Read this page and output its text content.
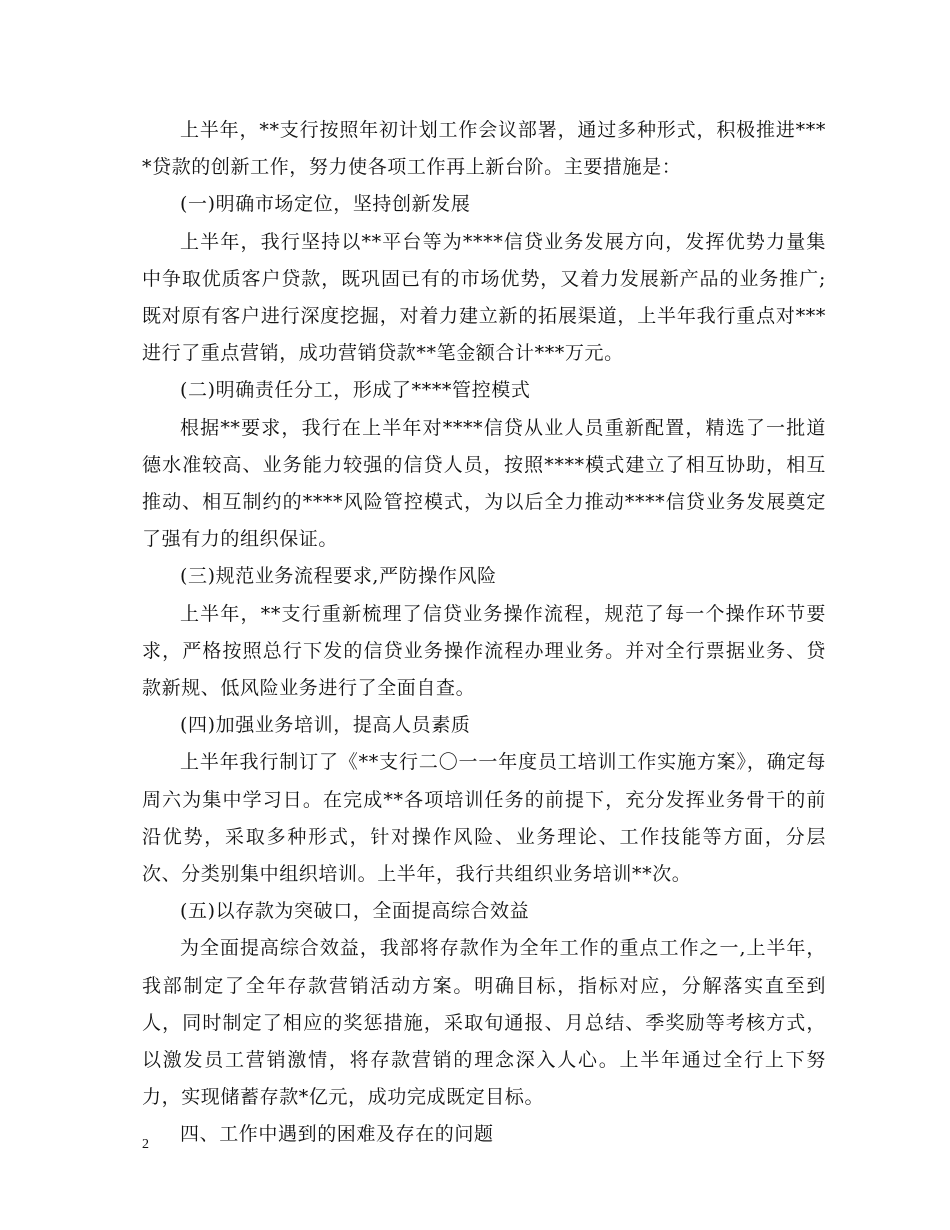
上半年，**支行按照年初计划工作会议部署，通过多种形式，积极推进****贷款的创新工作，努力使各项工作再上新台阶。主要措施是：

(一)明确市场定位，坚持创新发展

上半年，我行坚持以**平台等为****信贷业务发展方向，发挥优势力量集中争取优质客户贷款，既巩固已有的市场优势，又着力发展新产品的业务推广;既对原有客户进行深度挖掘，对着力建立新的拓展渠道，上半年我行重点对***进行了重点营销，成功营销贷款**笔金额合计***万元。

(二)明确责任分工，形成了****管控模式

根据**要求，我行在上半年对****信贷从业人员重新配置，精选了一批道德水准较高、业务能力较强的信贷人员，按照****模式建立了相互协助，相互推动、相互制约的****风险管控模式，为以后全力推动****信贷业务发展奠定了强有力的组织保证。

(三)规范业务流程要求,严防操作风险

上半年，**支行重新梳理了信贷业务操作流程，规范了每一个操作环节要求，严格按照总行下发的信贷业务操作流程办理业务。并对全行票据业务、贷款新规、低风险业务进行了全面自查。

(四)加强业务培训，提高人员素质

上半年我行制订了《**支行二〇一一年度员工培训工作实施方案》，确定每周六为集中学习日。在完成**各项培训任务的前提下，充分发挥业务骨干的前沿优势，采取多种形式，针对操作风险、业务理论、工作技能等方面，分层次、分类别集中组织培训。上半年，我行共组织业务培训**次。

(五)以存款为突破口，全面提高综合效益

为全面提高综合效益，我部将存款作为全年工作的重点工作之一,上半年，我部制定了全年存款营销活动方案。明确目标，指标对应，分解落实直至到人，同时制定了相应的奖惩措施，采取旬通报、月总结、季奖励等考核方式，以激发员工营销激情，将存款营销的理念深入人心。上半年通过全行上下努力，实现储蓄存款*亿元，成功完成既定目标。

四、工作中遇到的困难及存在的问题

2
